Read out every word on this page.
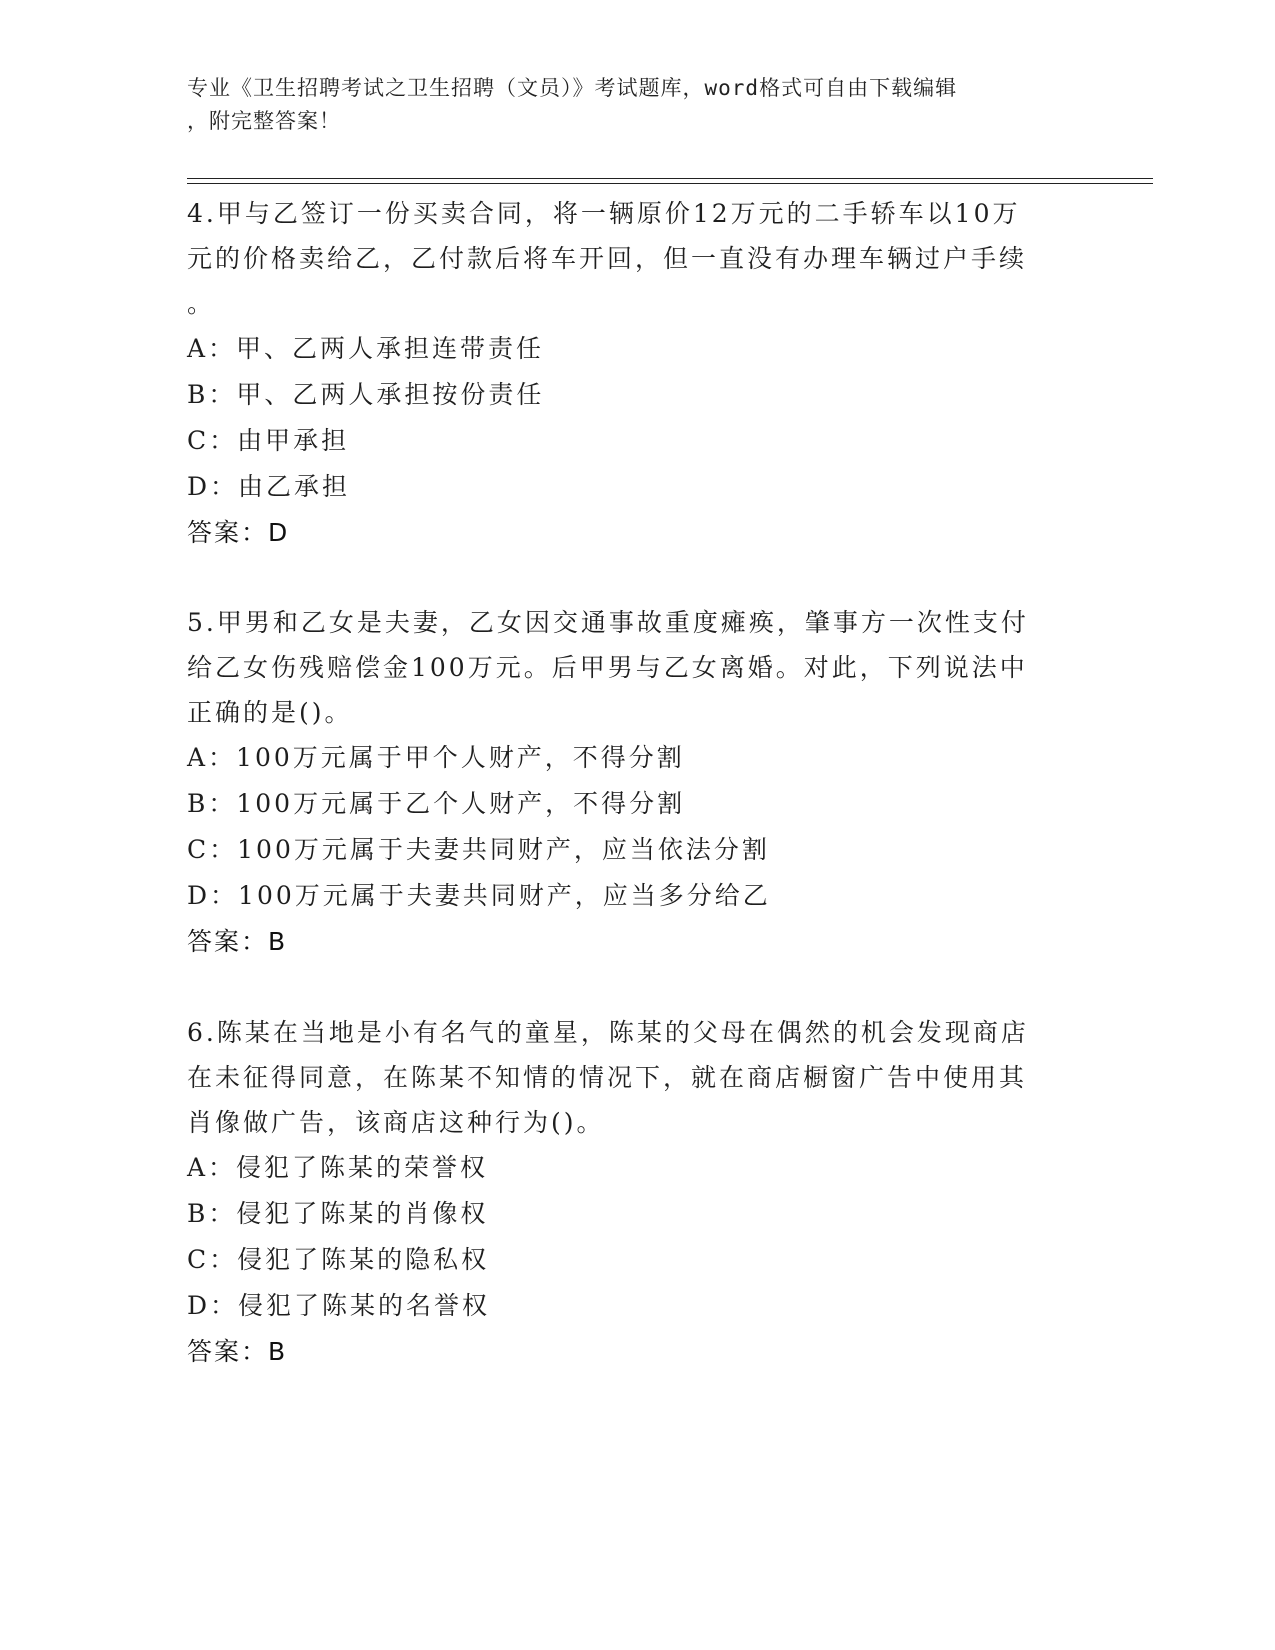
专业《卫生招聘考试之卫生招聘（文员）》考试题库，word格式可自由下载编辑
，附完整答案！
4.甲与乙签订一份买卖合同，将一辆原价12万元的二手轿车以10万
元的价格卖给乙，乙付款后将车开回，但一直没有办理车辆过户手续
。
A：甲、乙两人承担连带责任
B：甲、乙两人承担按份责任
C：由甲承担
D：由乙承担
答案：D
5.甲男和乙女是夫妻，乙女因交通事故重度瘫痪，肇事方一次性支付
给乙女伤残赔偿金100万元。后甲男与乙女离婚。对此，下列说法中
正确的是()。
A：100万元属于甲个人财产，不得分割
B：100万元属于乙个人财产，不得分割
C：100万元属于夫妻共同财产，应当依法分割
D：100万元属于夫妻共同财产，应当多分给乙
答案：B
6.陈某在当地是小有名气的童星，陈某的父母在偶然的机会发现商店
在未征得同意，在陈某不知情的情况下，就在商店橱窗广告中使用其
肖像做广告，该商店这种行为()。
A：侵犯了陈某的荣誉权
B：侵犯了陈某的肖像权
C：侵犯了陈某的隐私权
D：侵犯了陈某的名誉权
答案：B
